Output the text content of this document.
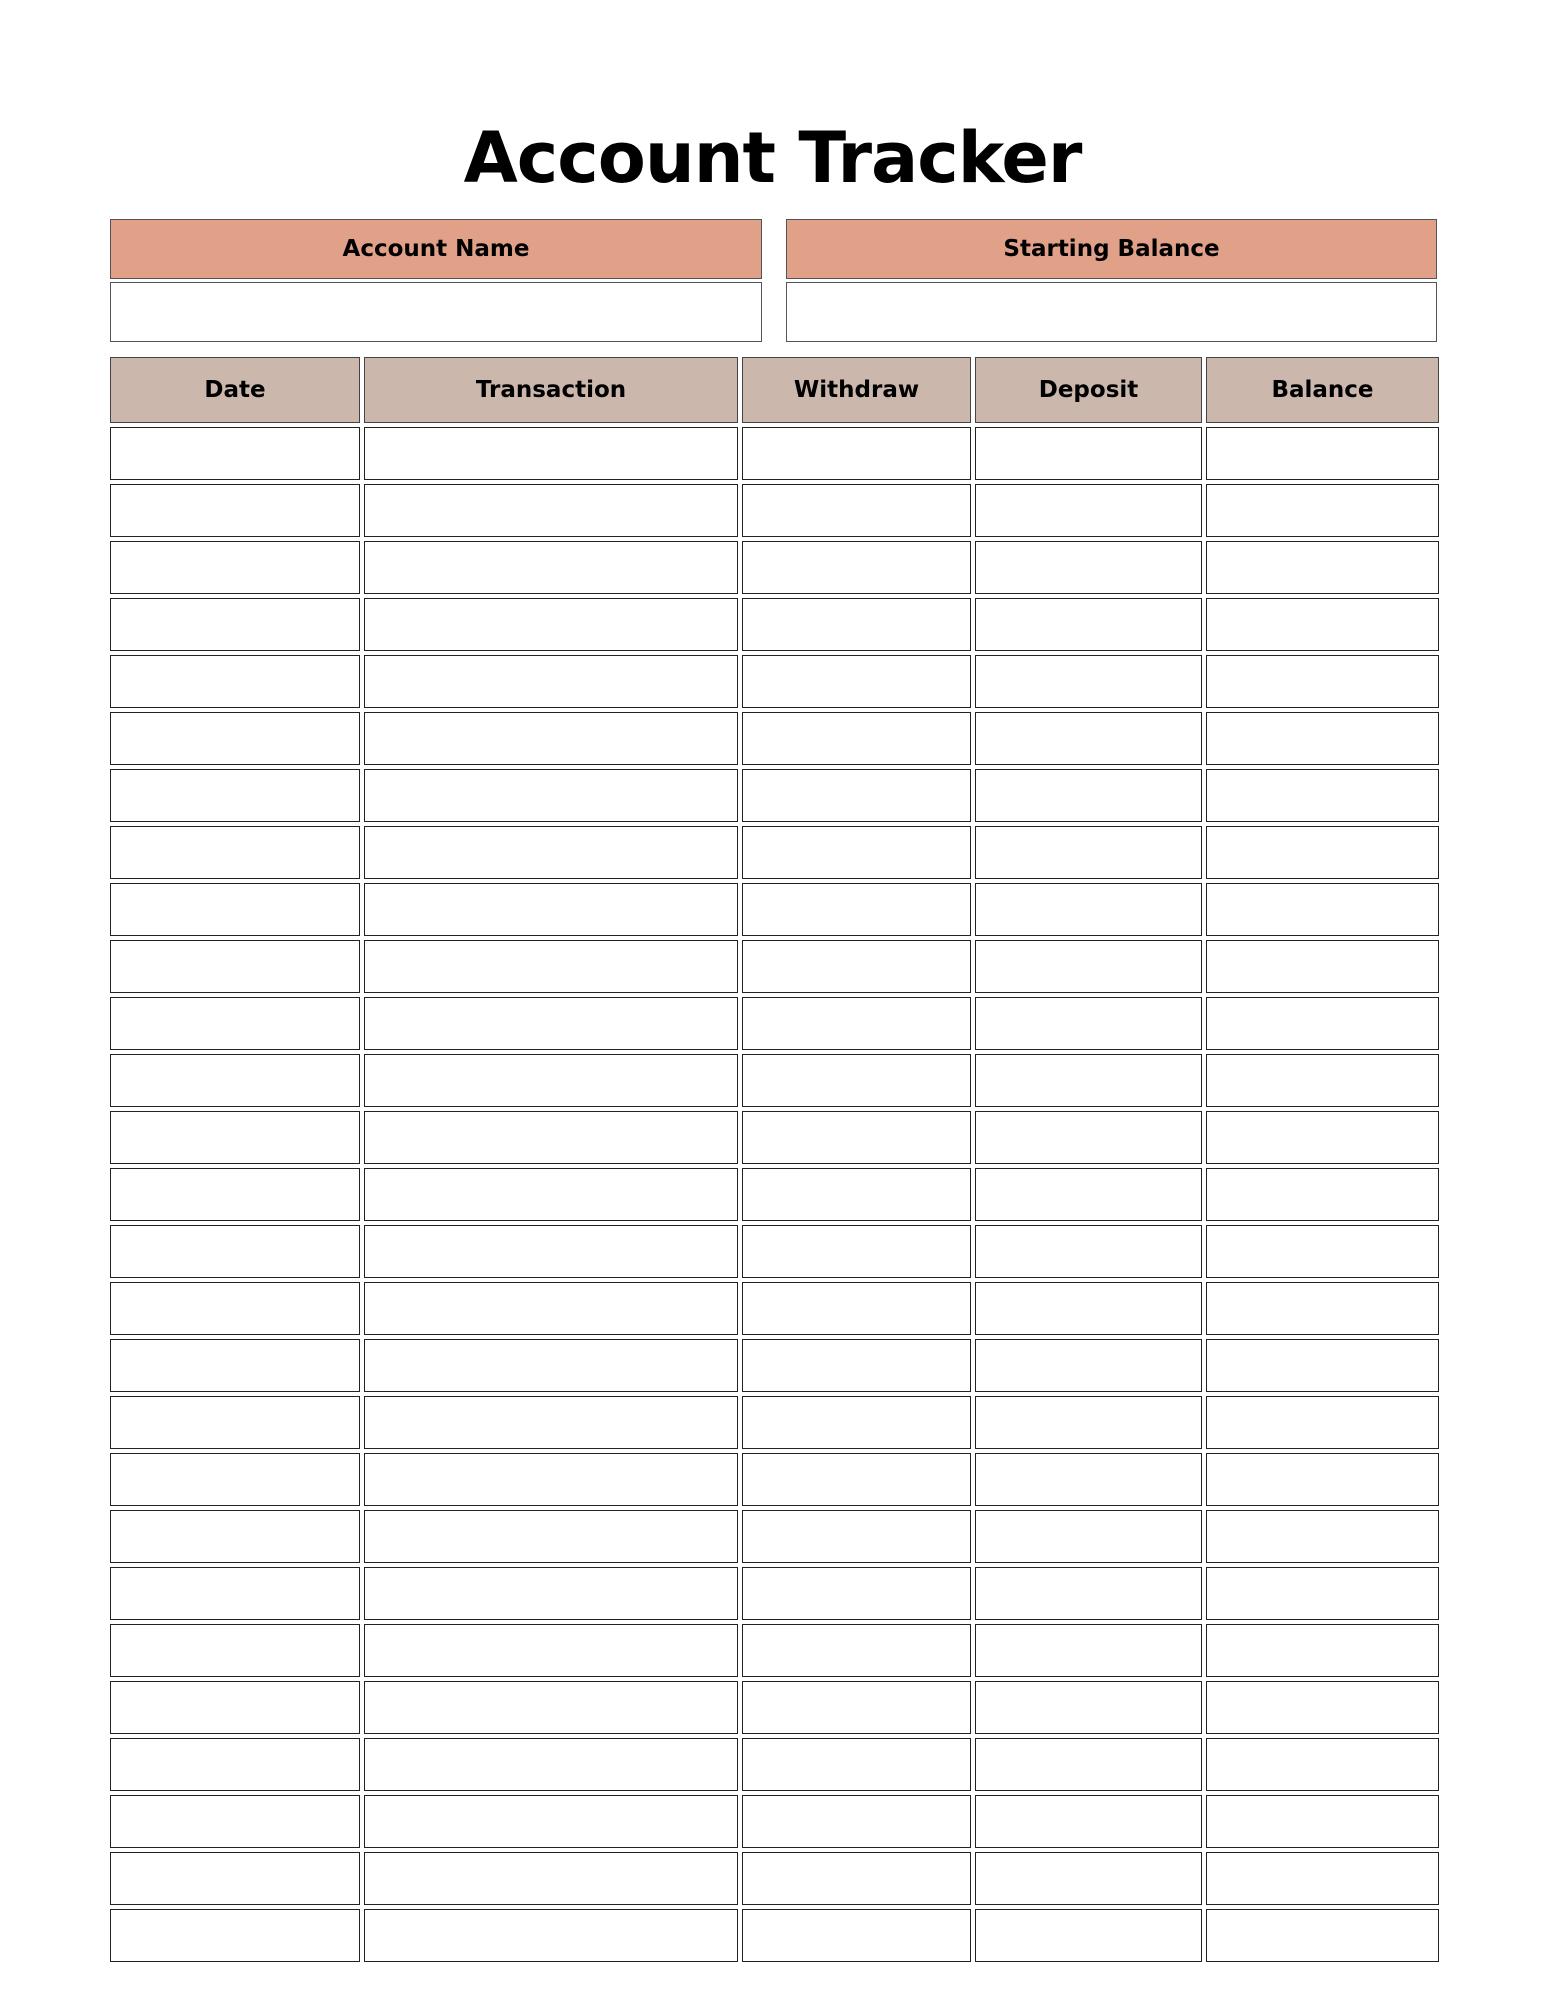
Account Tracker
Account Name	Starting Balance
Date	Transaction	Withdraw	Deposit	Balance
